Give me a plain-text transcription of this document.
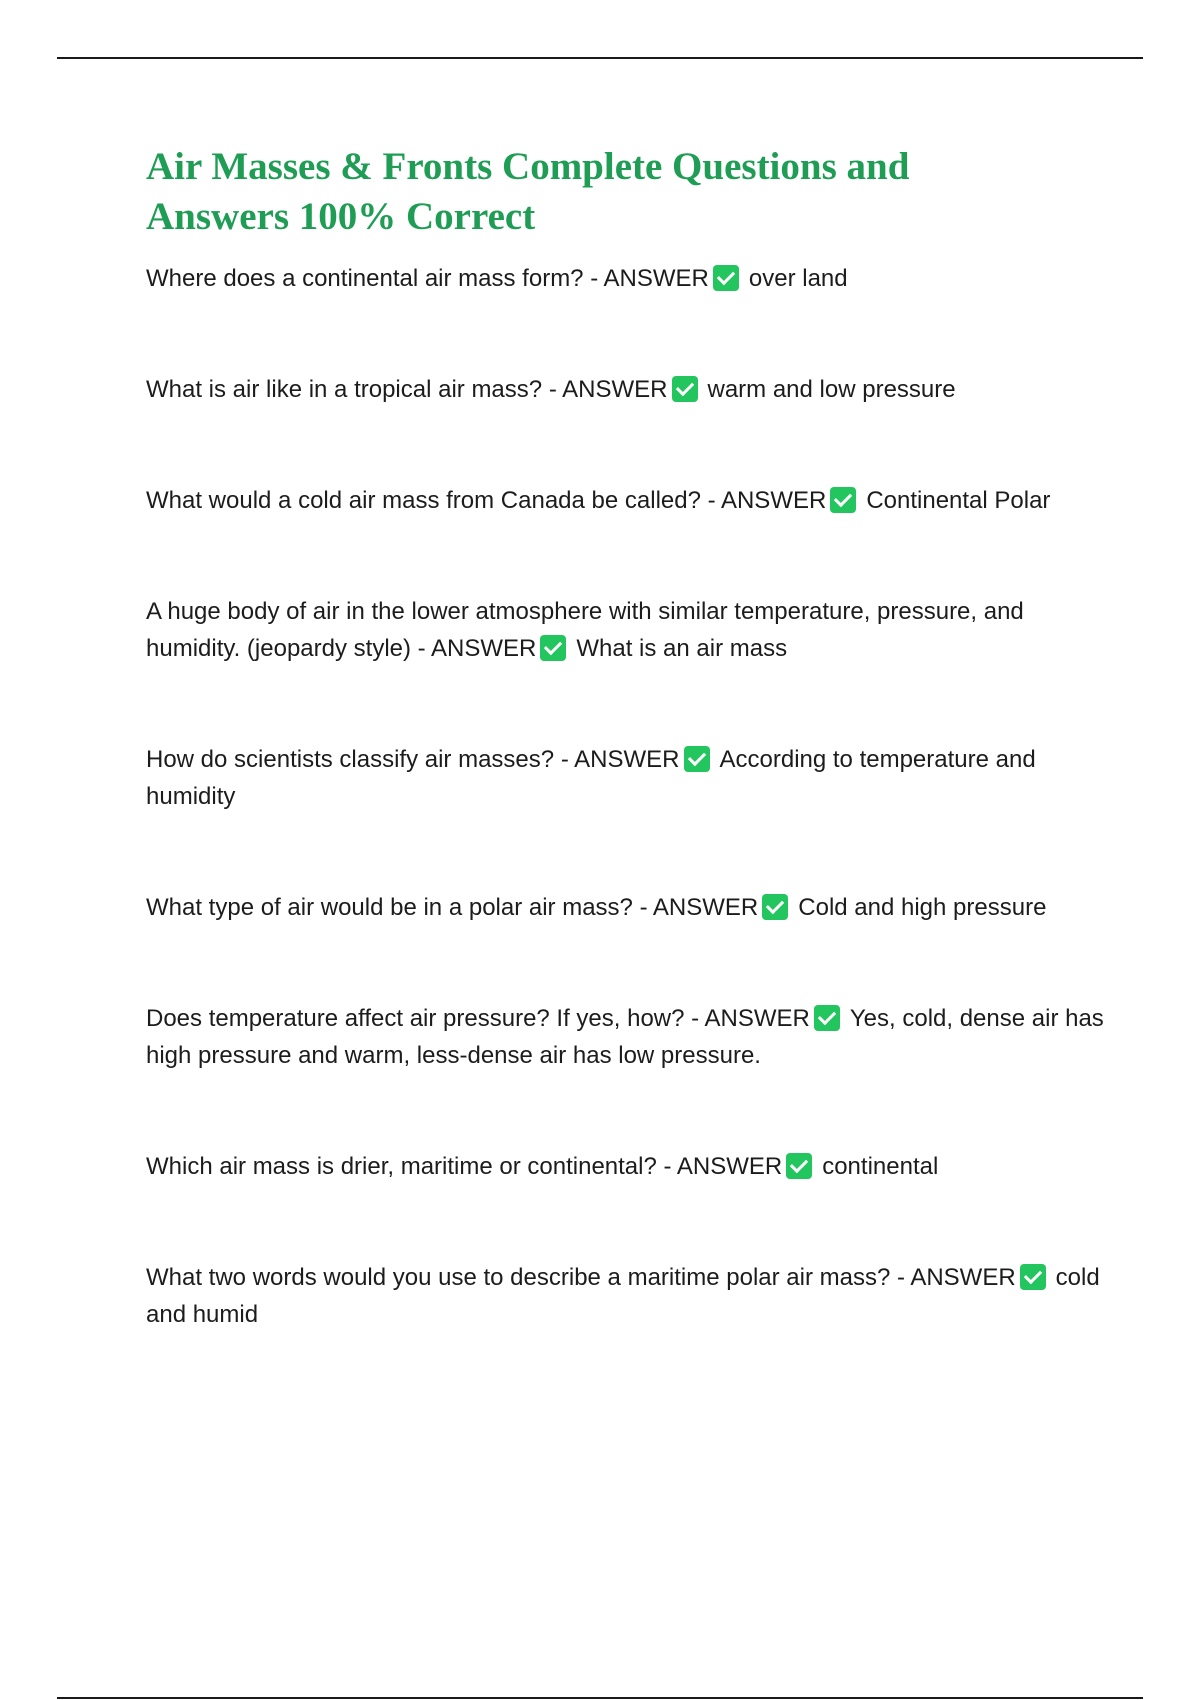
Air Masses & Fronts Complete Questions and Answers 100% Correct

Where does a continental air mass form? - ANSWER over land

What is air like in a tropical air mass? - ANSWER warm and low pressure

What would a cold air mass from Canada be called? - ANSWER Continental Polar

A huge body of air in the lower atmosphere with similar temperature, pressure, and humidity. (jeopardy style) - ANSWER What is an air mass

How do scientists classify air masses? - ANSWER According to temperature and humidity

What type of air would be in a polar air mass? - ANSWER Cold and high pressure

Does temperature affect air pressure? If yes, how? - ANSWER Yes, cold, dense air has high pressure and warm, less-dense air has low pressure.

Which air mass is drier, maritime or continental? - ANSWER continental

What two words would you use to describe a maritime polar air mass? - ANSWER cold and humid
